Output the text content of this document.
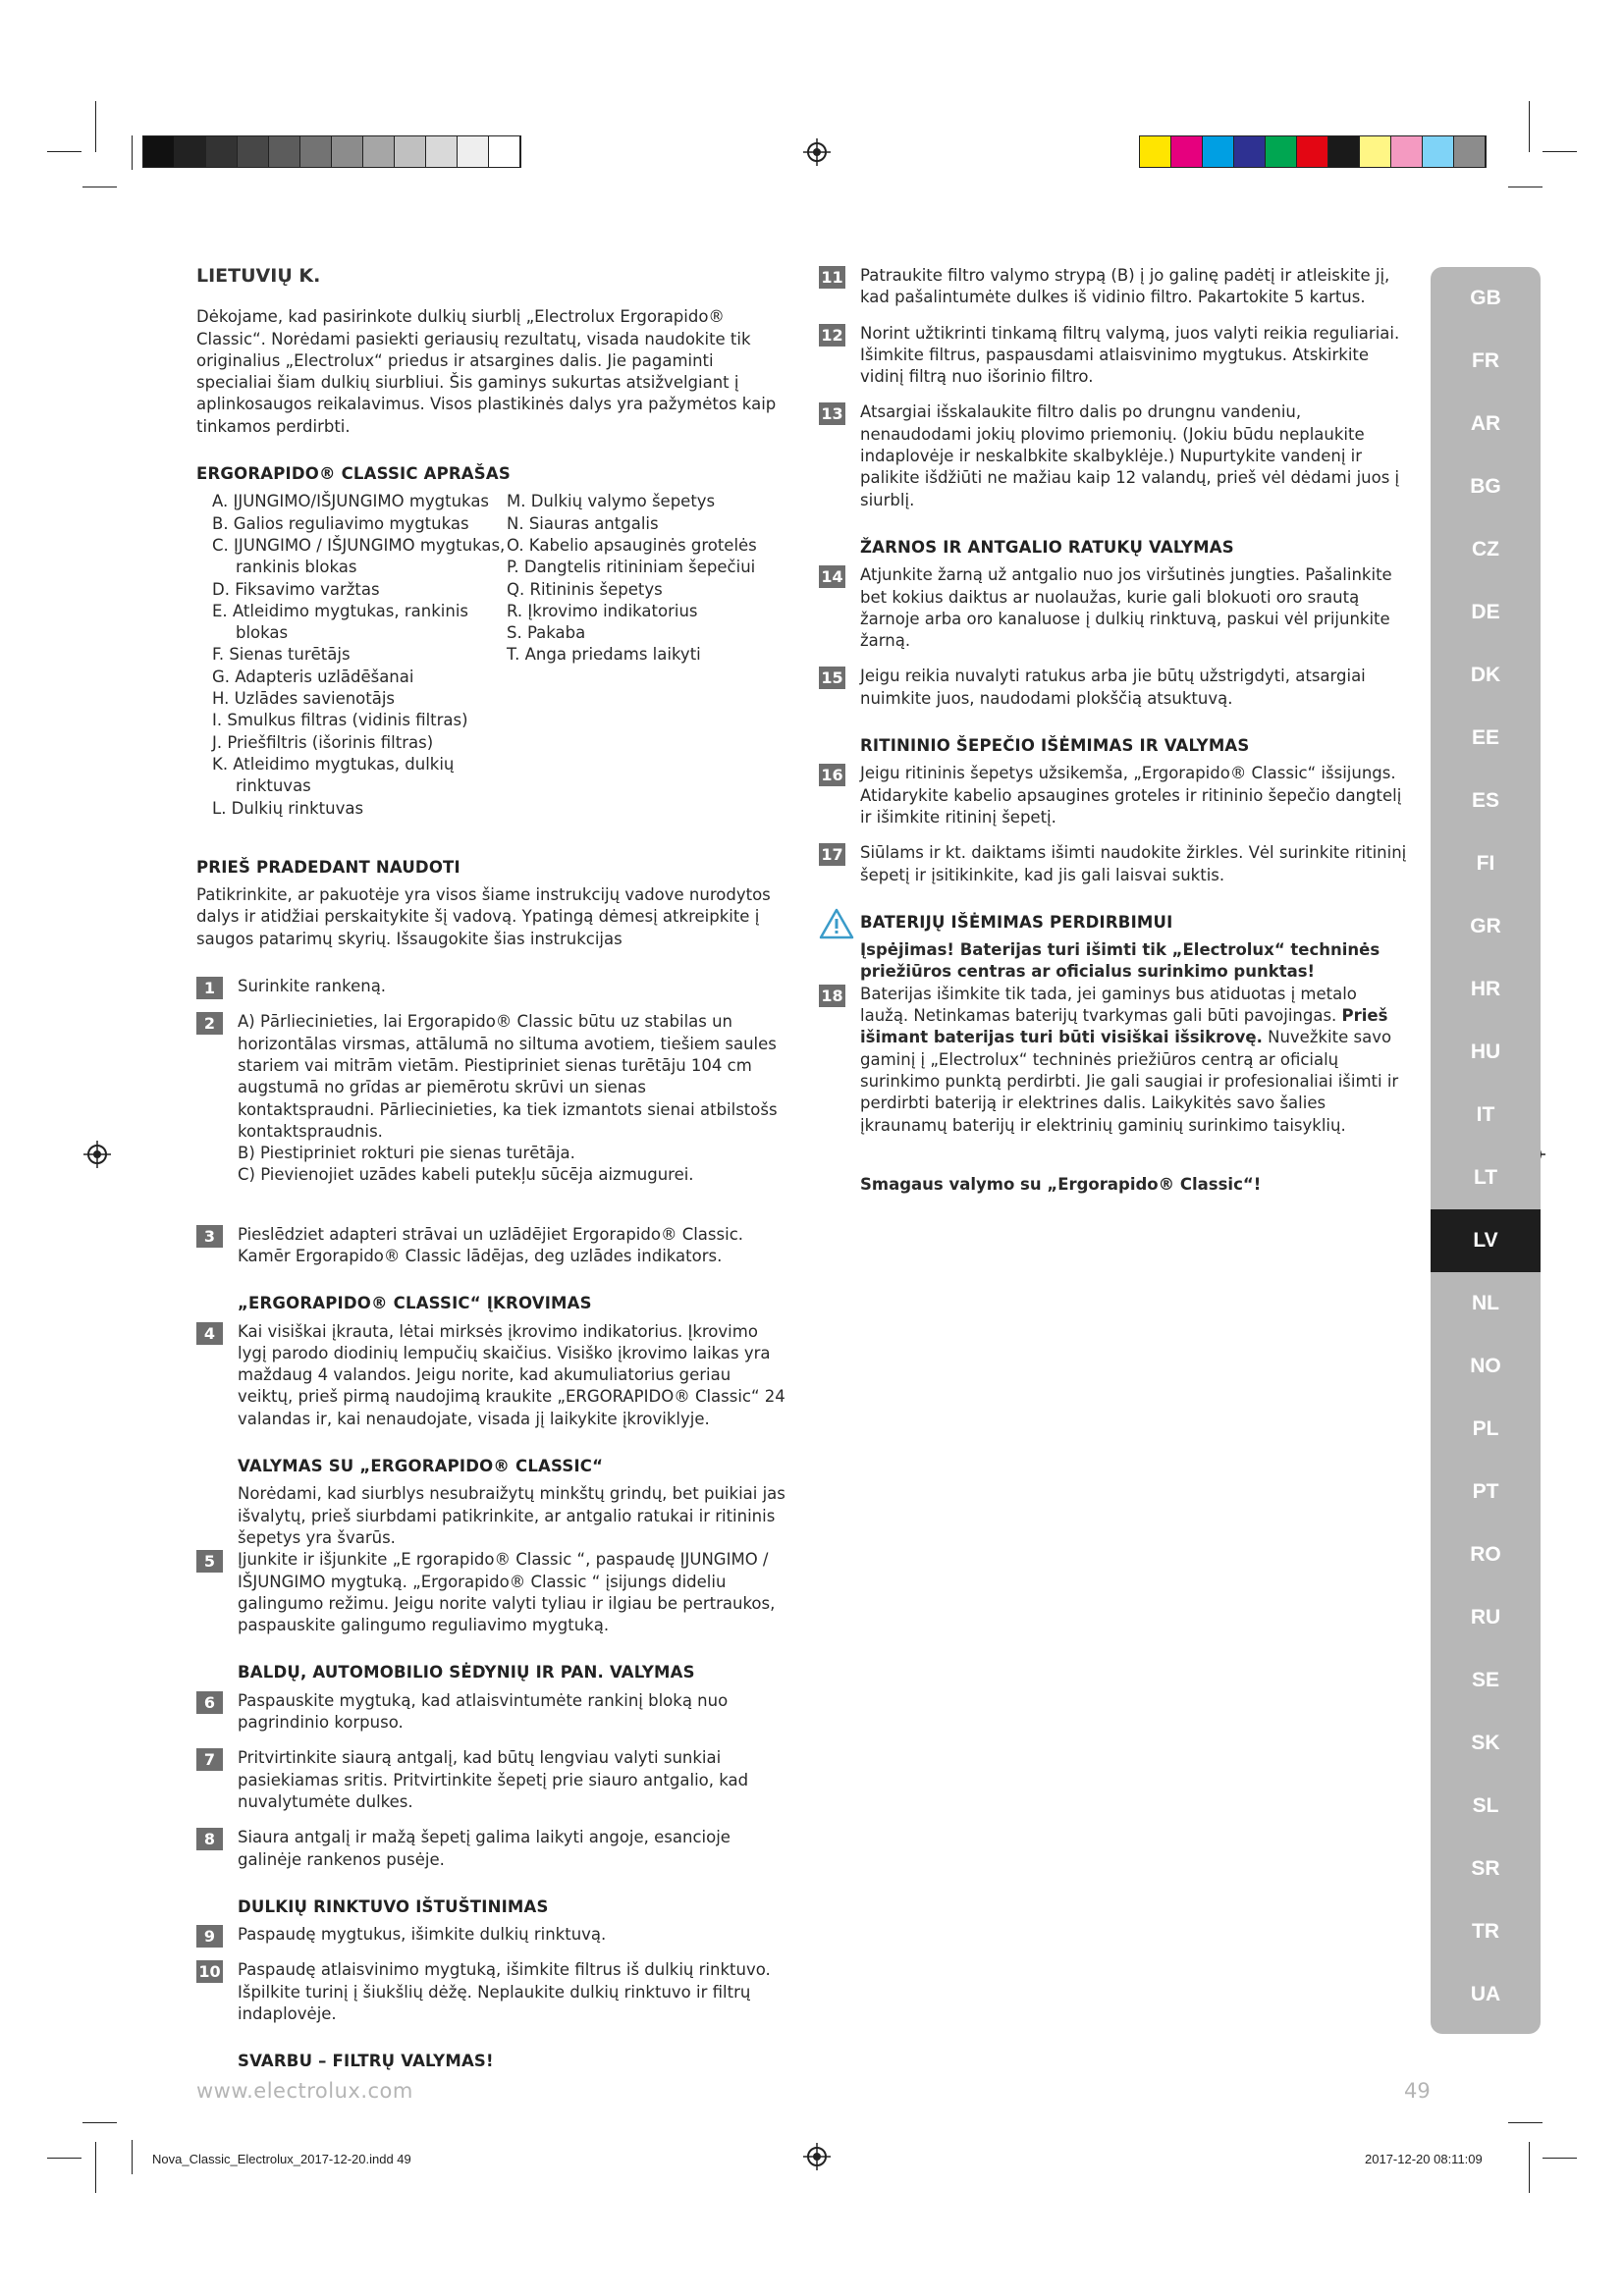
LIETUVIŲ K.
Dėkojame, kad pasirinkote dulkių siurblį „Electrolux Ergorapido® Classic“. Norėdami pasiekti geriausių rezultatų, visada naudokite tik originalius „Electrolux“ priedus ir atsargines dalis. Jie pagaminti specialiai šiam dulkių siurbliui. Šis gaminys sukurtas atsižvelgiant į aplinkosaugos reikalavimus. Visos plastikinės dalys yra pažymėtos kaip tinkamos perdirbti.
ERGORAPIDO® CLASSIC APRAŠAS
A. ĮJUNGIMO/IŠJUNGIMO mygtukas
B. Galios reguliavimo mygtukas
C. ĮJUNGIMO / IŠJUNGIMO mygtukas, rankinis blokas
D. Fiksavimo varžtas
E. Atleidimo mygtukas, rankinis blokas
F. Sienas turētājs
G. Adapteris uzlādēšanai
H. Uzlādes savienotājs
I. Smulkus filtras (vidinis filtras)
J. Priešfiltris (išorinis filtras)
K. Atleidimo mygtukas, dulkių rinktuvas
L. Dulkių rinktuvas
M. Dulkių valymo šepetys
N. Siauras antgalis
O. Kabelio apsauginės grotelės
P. Dangtelis ritininiam šepečiui
Q. Ritininis šepetys
R. Įkrovimo indikatorius
S. Pakaba
T. Anga priedams laikyti
PRIEŠ PRADEDANT NAUDOTI
Patikrinkite, ar pakuotėje yra visos šiame instrukcijų vadove nurodytos dalys ir atidžiai perskaitykite šį vadovą. Ypatingą dėmesį atkreipkite į saugos patarimų skyrių. Išsaugokite šias instrukcijas
1	Surinkite rankeną.
2	A) Pārliecinieties, lai Ergorapido® Classic būtu uz stabilas un horizontālas virsmas, attālumā no siltuma avotiem, tiešiem saules stariem vai mitrām vietām. Piestipriniet sienas turētāju 104 cm augstumā no grīdas ar piemērotu skrūvi un sienas kontaktspraudni. Pārliecinieties, ka tiek izmantots sienai atbilstošs kontaktspraudnis.
B) Piestipriniet rokturi pie sienas turētāja.
C) Pievienojiet uzādes kabeli putekļu sūcēja aizmugurei.
3	Pieslēdziet adapteri strāvai un uzlādējiet Ergorapido® Classic. Kamēr Ergorapido® Classic lādējas, deg uzlādes indikators.
„ERGORAPIDO® CLASSIC“ ĮKROVIMAS
4	Kai visiškai įkrauta, lėtai mirksės įkrovimo indikatorius. Įkrovimo lygį parodo diodinių lempučių skaičius. Visiško įkrovimo laikas yra maždaug 4 valandos. Jeigu norite, kad akumuliatorius geriau veiktų, prieš pirmą naudojimą kraukite „ERGORAPIDO® Classic“ 24 valandas ir, kai nenaudojate, visada jį laikykite įkroviklyje.
VALYMAS SU „ERGORAPIDO® CLASSIC“
Norėdami, kad siurblys nesubraižytų minkštų grindų, bet puikiai jas išvalytų, prieš siurbdami patikrinkite, ar antgalio ratukai ir ritininis šepetys yra švarūs.
5	Įjunkite ir išjunkite „E rgorapido® Classic “, paspaudę ĮJUNGIMO / IŠJUNGIMO mygtuką. „Ergorapido® Classic “ įsijungs dideliu galingumo režimu. Jeigu norite valyti tyliau ir ilgiau be pertraukos, paspauskite galingumo reguliavimo mygtuką.
BALDŲ, AUTOMOBILIO SĖDYNIŲ IR PAN. VALYMAS
6	Paspauskite mygtuką, kad atlaisvintumėte rankinį bloką nuo pagrindinio korpuso.
7	Pritvirtinkite siaurą antgalį, kad būtų lengviau valyti sunkiai pasiekiamas sritis. Pritvirtinkite šepetį prie siauro antgalio, kad nuvalytumėte dulkes.
8	Siaura antgalį ir mažą šepetį galima laikyti angoje, esancioje galinėje rankenos pusėje.
DULKIŲ RINKTUVO IŠTUŠTINIMAS
9	Paspaudę mygtukus, išimkite dulkių rinktuvą.
10 Paspaudę atlaisvinimo mygtuką, išimkite filtrus iš dulkių rinktuvo. Išpilkite turinį į šiukšlių dėžę. Neplaukite dulkių rinktuvo ir filtrų indaplovėje.
SVARBU – FILTRŲ VALYMAS!
11 Patraukite filtro valymo strypą (B) į jo galinę padėtį ir atleiskite jį, kad pašalintumėte dulkes iš vidinio filtro. Pakartokite 5 kartus.
12 Norint užtikrinti tinkamą filtrų valymą, juos valyti reikia reguliariai. Išimkite filtrus, paspausdami atlaisvinimo mygtukus. Atskirkite vidinį filtrą nuo išorinio filtro.
13 Atsargiai išskalaukite filtro dalis po drungnu vandeniu, nenaudodami jokių plovimo priemonių. (Jokiu būdu neplaukite indaplovėje ir neskalbkite skalbyklėje.) Nupurtykite vandenį ir palikite išdžiūti ne mažiau kaip 12 valandų, prieš vėl dėdami juos į siurblį.
ŽARNOS IR ANTGALIO RATUKŲ VALYMAS
14 Atjunkite žarną už antgalio nuo jos viršutinės jungties. Pašalinkite bet kokius daiktus ar nuolaužas, kurie gali blokuoti oro srautą žarnoje arba oro kanaluose į dulkių rinktuvą, paskui vėl prijunkite žarną.
15 Jeigu reikia nuvalyti ratukus arba jie būtų užstrigdyti, atsargiai nuimkite juos, naudodami plokščią atsuktuvą.
RITININIO ŠEPEČIO IŠĖMIMAS IR VALYMAS
16 Jeigu ritininis šepetys užsikemša, „Ergorapido® Classic“ išsijungs. Atidarykite kabelio apsaugines groteles ir ritininio šepečio dangtelį ir išimkite ritininį šepetį.
17 Siūlams ir kt. daiktams išimti naudokite žirkles. Vėl surinkite ritininį šepetį ir įsitikinkite, kad jis gali laisvai suktis.
BATERIJŲ IŠĖMIMAS PERDIRBIMUI
Įspėjimas! Baterijas turi išimti tik „Electrolux“ techninės priežiūros centras ar oficialus surinkimo punktas!
18 Baterijas išimkite tik tada, jei gaminys bus atiduotas į metalo laužą. Netinkamas baterijų tvarkymas gali būti pavojingas. Prieš išimant baterijas turi būti visiškai išsikrovę. Nuvežkite savo gaminį į „Electrolux“ techninės priežiūros centrą ar oficialų surinkimo punktą perdirbti. Jie gali saugiai ir profesionaliai išimti ir perdirbti bateriją ir elektrines dalis. Laikykitės savo šalies įkraunamų baterijų ir elektrinių gaminių surinkimo taisyklių.
Smagaus valymo su „Ergorapido® Classic“!
GB
FR
AR
BG
CZ
DE
DK
EE
ES
FI
GR
HR
HU
IT
LT
LV
NL
NO
PL
PT
RO
RU
SE
SK
SL
SR
TR
UA
www.electrolux.com	49
Nova_Classic_Electrolux_2017-12-20.indd 49	2017-12-20 08:11:09
